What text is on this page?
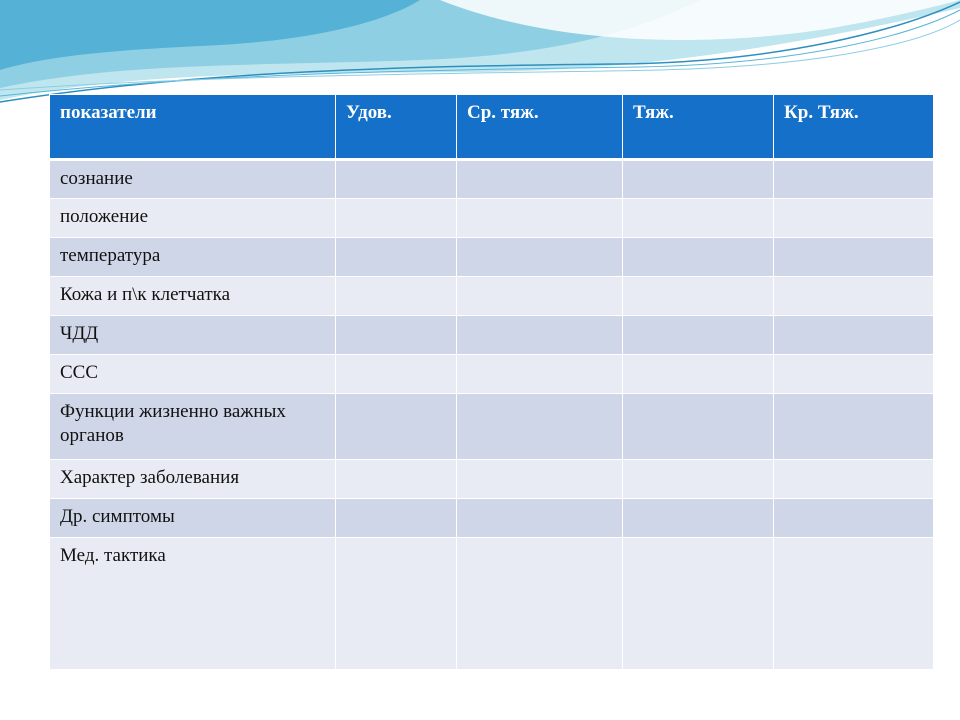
показатели	Удов.	Ср. тяж.	Тяж.	Кр. Тяж.
сознание				
положение				
температура				
Кожа и п\к клетчатка				
ЧДД				
ССС				
Функции жизненно важных органов				
Характер заболевания				
Др. симптомы				
Мед. тактика				
